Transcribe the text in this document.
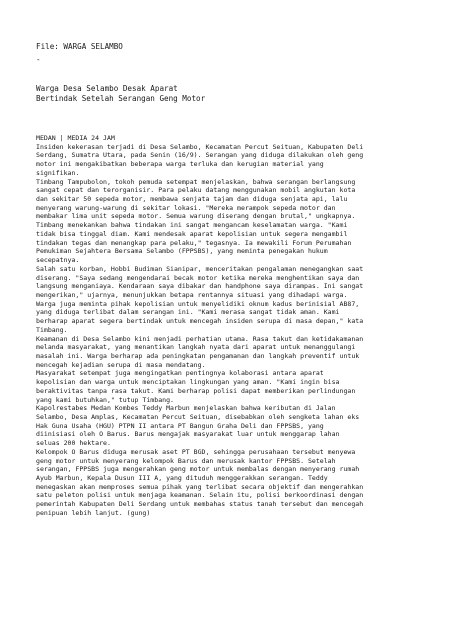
File: WARGA SELAMBO
-
Warga Desa Selambo Desak Aparat
Bertindak Setelah Serangan Geng Motor
MEDAN | MEDIA 24 JAM
Insiden kekerasan terjadi di Desa Selambo, Kecamatan Percut Seituan, Kabupaten Deli
Serdang, Sumatra Utara, pada Senin (16/9). Serangan yang diduga dilakukan oleh geng
motor ini mengakibatkan beberapa warga terluka dan kerugian material yang
signifikan.
Timbang Tampubolon, tokoh pemuda setempat menjelaskan, bahwa serangan berlangsung
sangat cepat dan terorganisir. Para pelaku datang menggunakan mobil angkutan kota
dan sekitar 50 sepeda motor, membawa senjata tajam dan diduga senjata api, lalu
menyerang warung-warung di sekitar lokasi. "Mereka merampok sepeda motor dan
membakar lima unit sepeda motor. Semua warung diserang dengan brutal," ungkapnya.
Timbang menekankan bahwa tindakan ini sangat mengancam keselamatan warga. "Kami
tidak bisa tinggal diam. Kami mendesak aparat kepolisian untuk segera mengambil
tindakan tegas dan menangkap para pelaku," tegasnya. Ia mewakili Forum Perumahan
Pemukiman Sejahtera Bersama Selambo (FPPSBS), yang meminta penegakan hukum
secepatnya.
Salah satu korban, Hobbi Budiman Sianipar, menceritakan pengalaman menegangkan saat
diserang. "Saya sedang mengendarai becak motor ketika mereka menghentikan saya dan
langsung menganiaya. Kendaraan saya dibakar dan handphone saya dirampas. Ini sangat
mengerikan," ujarnya, menunjukkan betapa rentannya situasi yang dihadapi warga.
Warga juga meminta pihak kepolisian untuk menyelidiki oknum kadus berinisial AB87,
yang diduga terlibat dalam serangan ini. "Kami merasa sangat tidak aman. Kami
berharap aparat segera bertindak untuk mencegah insiden serupa di masa depan," kata
Timbang.
Keamanan di Desa Selambo kini menjadi perhatian utama. Rasa takut dan ketidakamanan
melanda masyarakat, yang menantikan langkah nyata dari aparat untuk menanggulangi
masalah ini. Warga berharap ada peningkatan pengamanan dan langkah preventif untuk
mencegah kejadian serupa di masa mendatang.
Masyarakat setempat juga mengingatkan pentingnya kolaborasi antara aparat
kepolisian dan warga untuk menciptakan lingkungan yang aman. "Kami ingin bisa
beraktivitas tanpa rasa takut. Kami berharap polisi dapat memberikan perlindungan
yang kami butuhkan," tutup Timbang.
Kapolrestabes Medan Kombes Teddy Marbun menjelaskan bahwa keributan di Jalan
Selambo, Desa Amplas, Kecamatan Percut Seituan, disebabkan oleh sengketa lahan eks
Hak Guna Usaha (HGU) PTPN II antara PT Bangun Graha Deli dan FPPSBS, yang
diinisiasi oleh O Barus. Barus mengajak masyarakat luar untuk menggarap lahan
seluas 200 hektare.
Kelompok O Barus diduga merusak aset PT BGD, sehingga perusahaan tersebut menyewa
geng motor untuk menyerang kelompok Barus dan merusak kantor FPPSBS. Setelah
serangan, FPPSBS juga mengerahkan geng motor untuk membalas dengan menyerang rumah
Ayub Marbun, Kepala Dusun III A, yang dituduh menggerakkan serangan. Teddy
menegaskan akan memproses semua pihak yang terlibat secara objektif dan mengerahkan
satu peleton polisi untuk menjaga keamanan. Selain itu, polisi berkoordinasi dengan
pemerintah Kabupaten Deli Serdang untuk membahas status tanah tersebut dan mencegah
penipuan lebih lanjut. (gung)
